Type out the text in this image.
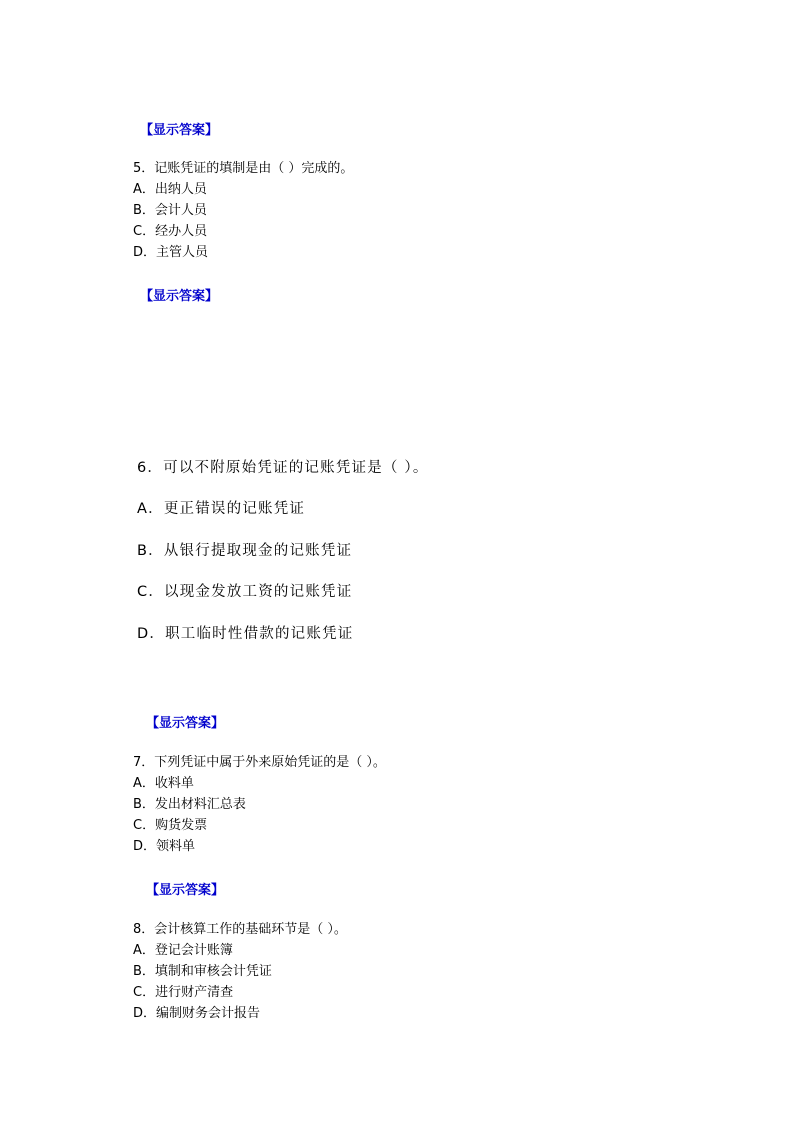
【显示答案】
5．记账凭证的填制是由（ ）完成的。
A．出纳人员
B．会计人员
C．经办人员
D．主管人员
【显示答案】
6．可以不附原始凭证的记账凭证是（ ）。
A．更正错误的记账凭证
B．从银行提取现金的记账凭证
C．以现金发放工资的记账凭证
D．职工临时性借款的记账凭证
【显示答案】
7．下列凭证中属于外来原始凭证的是（ ）。
A．收料单
B．发出材料汇总表
C．购货发票
D．领料单
【显示答案】
8．会计核算工作的基础环节是（ ）。
A．登记会计账簿
B．填制和审核会计凭证
C．进行财产清查
D．编制财务会计报告
